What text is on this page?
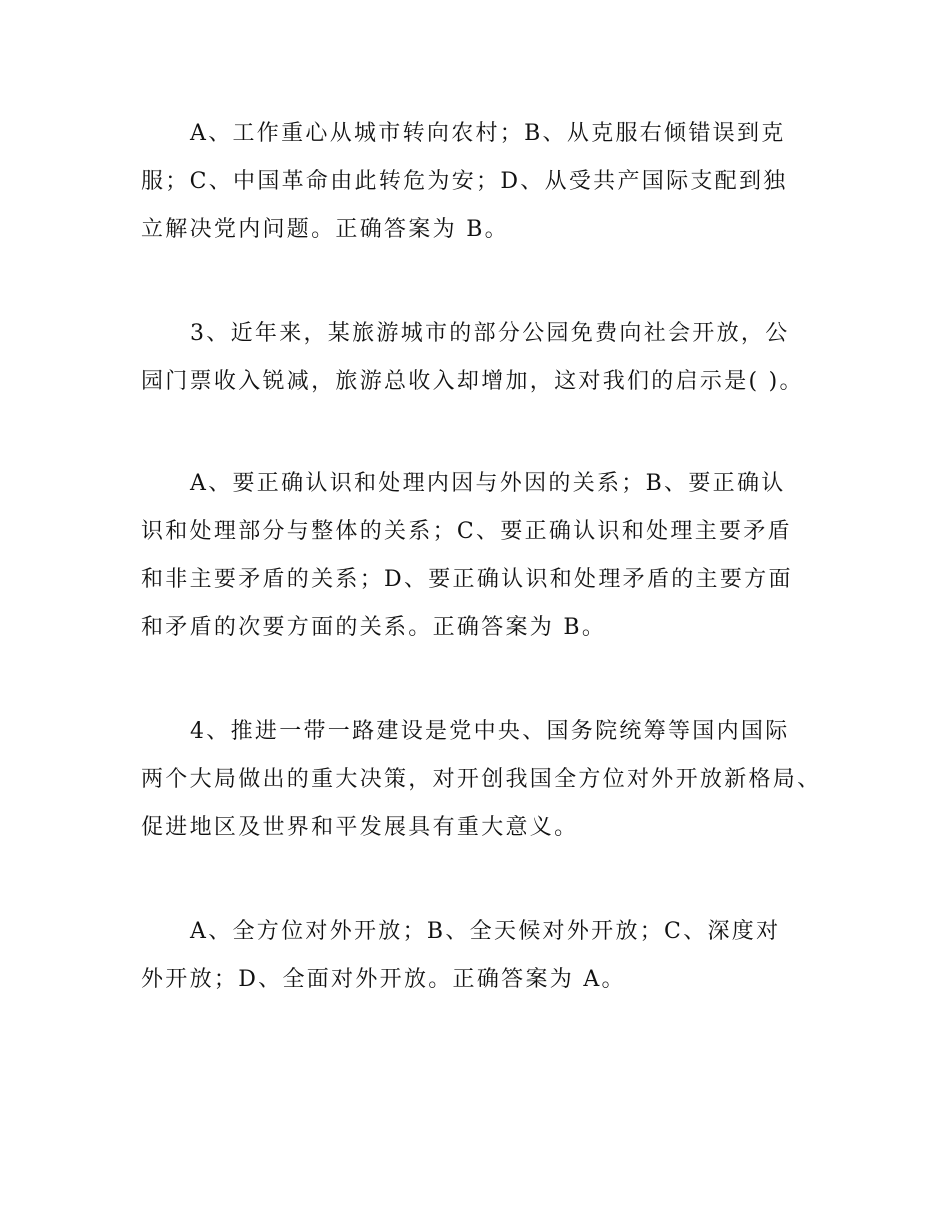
A、工作重心从城市转向农村；B、从克服右倾错误到克
服；C、中国革命由此转危为安；D、从受共产国际支配到独
立解决党内问题。正确答案为 B。
3、近年来，某旅游城市的部分公园免费向社会开放，公
园门票收入锐减，旅游总收入却增加，这对我们的启示是( )。
A、要正确认识和处理内因与外因的关系；B、要正确认
识和处理部分与整体的关系；C、要正确认识和处理主要矛盾
和非主要矛盾的关系；D、要正确认识和处理矛盾的主要方面
和矛盾的次要方面的关系。正确答案为 B。
4、推进一带一路建设是党中央、国务院统筹等国内国际
两个大局做出的重大决策，对开创我国全方位对外开放新格局、
促进地区及世界和平发展具有重大意义。
A、全方位对外开放；B、全天候对外开放；C、深度对
外开放；D、全面对外开放。正确答案为 A。
